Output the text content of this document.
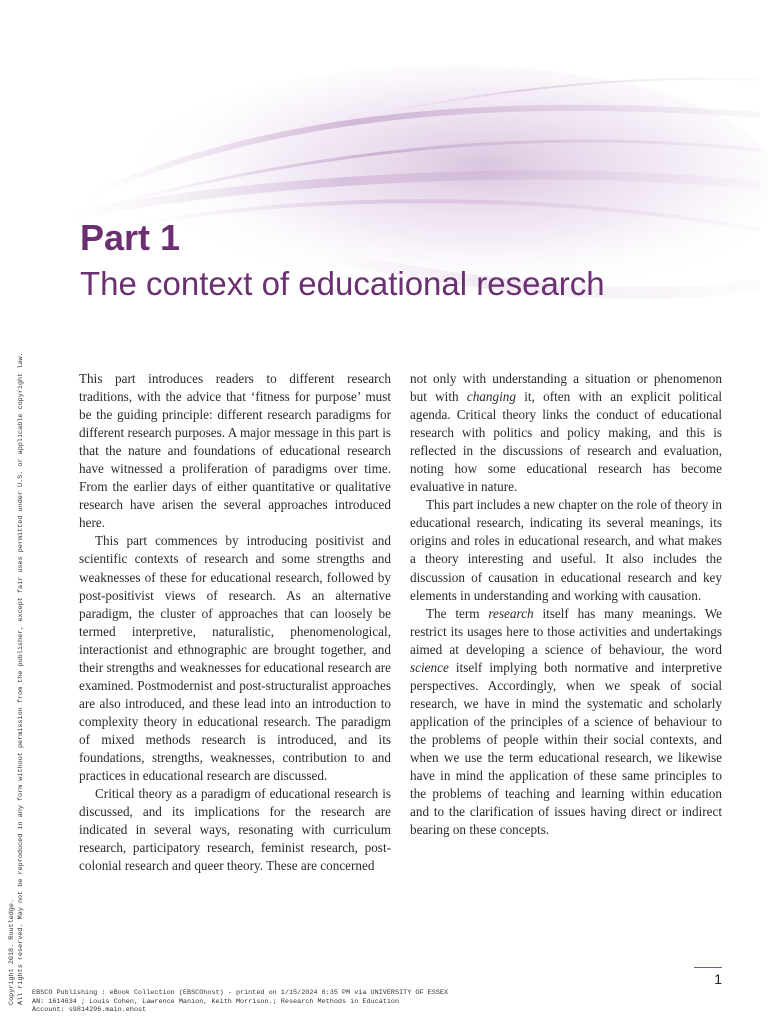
Part 1
The context of educational research

This part introduces readers to different research traditions, with the advice that ‘fitness for purpose’ must be the guiding principle: different research paradigms for different research purposes. A major message in this part is that the nature and foundations of educational research have witnessed a proliferation of paradigms over time. From the earlier days of either quantitative or qualitative research have arisen the several approaches introduced here.

This part commences by introducing positivist and scientific contexts of research and some strengths and weaknesses of these for educational research, followed by post-positivist views of research. As an alternative paradigm, the cluster of approaches that can loosely be termed interpretive, naturalistic, phenomenological, interactionist and ethnographic are brought together, and their strengths and weaknesses for educational research are examined. Postmodernist and post-structuralist approaches are also introduced, and these lead into an introduction to complexity theory in educational research. The paradigm of mixed methods research is introduced, and its foundations, strengths, weaknesses, contribution to and practices in educational research are discussed.

Critical theory as a paradigm of educational research is discussed, and its implications for the research are indicated in several ways, resonating with curriculum research, participatory research, feminist research, post-colonial research and queer theory. These are concerned

not only with understanding a situation or phenomenon but with changing it, often with an explicit political agenda. Critical theory links the conduct of educational research with politics and policy making, and this is reflected in the discussions of research and evaluation, noting how some educational research has become evaluative in nature.

This part includes a new chapter on the role of theory in educational research, indicating its several meanings, its origins and roles in educational research, and what makes a theory interesting and useful. It also includes the discussion of causation in educational research and key elements in understanding and working with causation.

The term research itself has many meanings. We restrict its usages here to those activities and undertakings aimed at developing a science of behaviour, the word science itself implying both normative and interpretive perspectives. Accordingly, when we speak of social research, we have in mind the systematic and scholarly application of the principles of a science of behaviour to the problems of people within their social contexts, and when we use the term educational research, we likewise have in mind the application of these same principles to the problems of teaching and learning within education and to the clarification of issues having direct or indirect bearing on these concepts.

Copyright 2018. Routledge. All rights reserved. May not be reproduced in any form without permission from the publisher, except fair uses permitted under U.S. or applicable copyright law. EBSCO Publishing : eBook Collection (EBSCOhost) - printed on 1/15/2024 6:35 PM via UNIVERSITY OF ESSEX
AN: 1614634 ; Louis Cohen, Lawrence Manion, Keith Morrison.; Research Methods in Education
Account: s9814296.main.ehost
1
